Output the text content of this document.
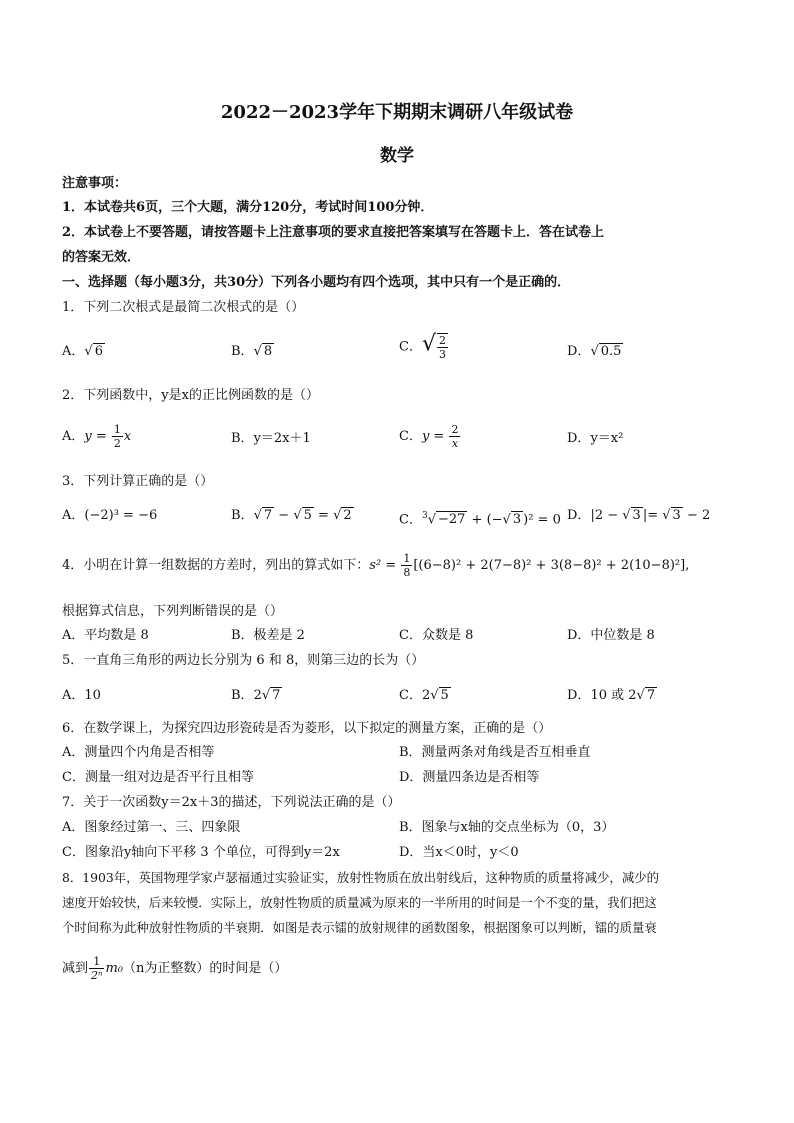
2022－2023学年下期期末调研八年级试卷
数学
注意事项：
1．本试卷共6页，三个大题，满分120分，考试时间100分钟．
2．本试卷上不要答题，请按答题卡上注意事项的要求直接把答案填写在答题卡上．答在试卷上
的答案无效．
一、选择题（每小题3分，共30分）下列各小题均有四个选项，其中只有一个是正确的．
1．下列二次根式是最简二次根式的是（）
A．√ 6	B．√ 8	C．√ $\frac{2}{3}$	D．√ 0.5
2．下列函数中，y是x的正比例函数的是（）
A．$y = \frac{1}{2}$ x	B．y＝2x＋1	C．$y = \frac{2}{x}$	D．y＝x²
3．下列计算正确的是（）
A．(−2)³ = −6	B．√ 7 − √ 5 = √ 2	C．$^3$√ −27 + (−√ 3 )² = 0 D．|2 − √ 3 |= √ 3 − 2
4．小明在计算一组数据的方差时，列出的算式如下：$s^2 = \frac{1}{8} [(6-8)^2 + 2(7-8)^2 + 3(8-8)^2 + 2(10-8)^2]$,
根据算式信息，下列判断错误的是（）
A．平均数是 8	B．极差是 2	C．众数是 8	D．中位数是 8
5．一直角三角形的两边长分别为 6 和 8，则第三边的长为（）
A．10	B．2√ 7	C．2√ 5	D．10 或 2√ 7
6．在数学课上，为探究四边形瓷砖是否为菱形，以下拟定的测量方案，正确的是（）
A．测量四个内角是否相等	B．测量两条对角线是否互相垂直
C．测量一组对边是否平行且相等	D．测量四条边是否相等
7．关于一次函数y＝2x＋3的描述，下列说法正确的是（）
A．图象经过第一、三、四象限	B．图象与x轴的交点坐标为（0，3）
C．图象沿y轴向下平移 3 个单位，可得到y＝2x	D．当x＜0时，y＜0
8．1903年，英国物理学家卢瑟福通过实验证实，放射性物质在放出射线后，这种物质的质量将减少，减少的
速度开始较快，后来较慢．实际上，放射性物质的质量减为原来的一半所用的时间是一个不变的量，我们把这
个时间称为此种放射性物质的半衰期．如图是表示镭的放射规律的函数图象，根据图象可以判断，镭的质量衰
减到 $\frac{1}{\text{2ⁿ}} m_0(n$为正整数）的时间是（）
